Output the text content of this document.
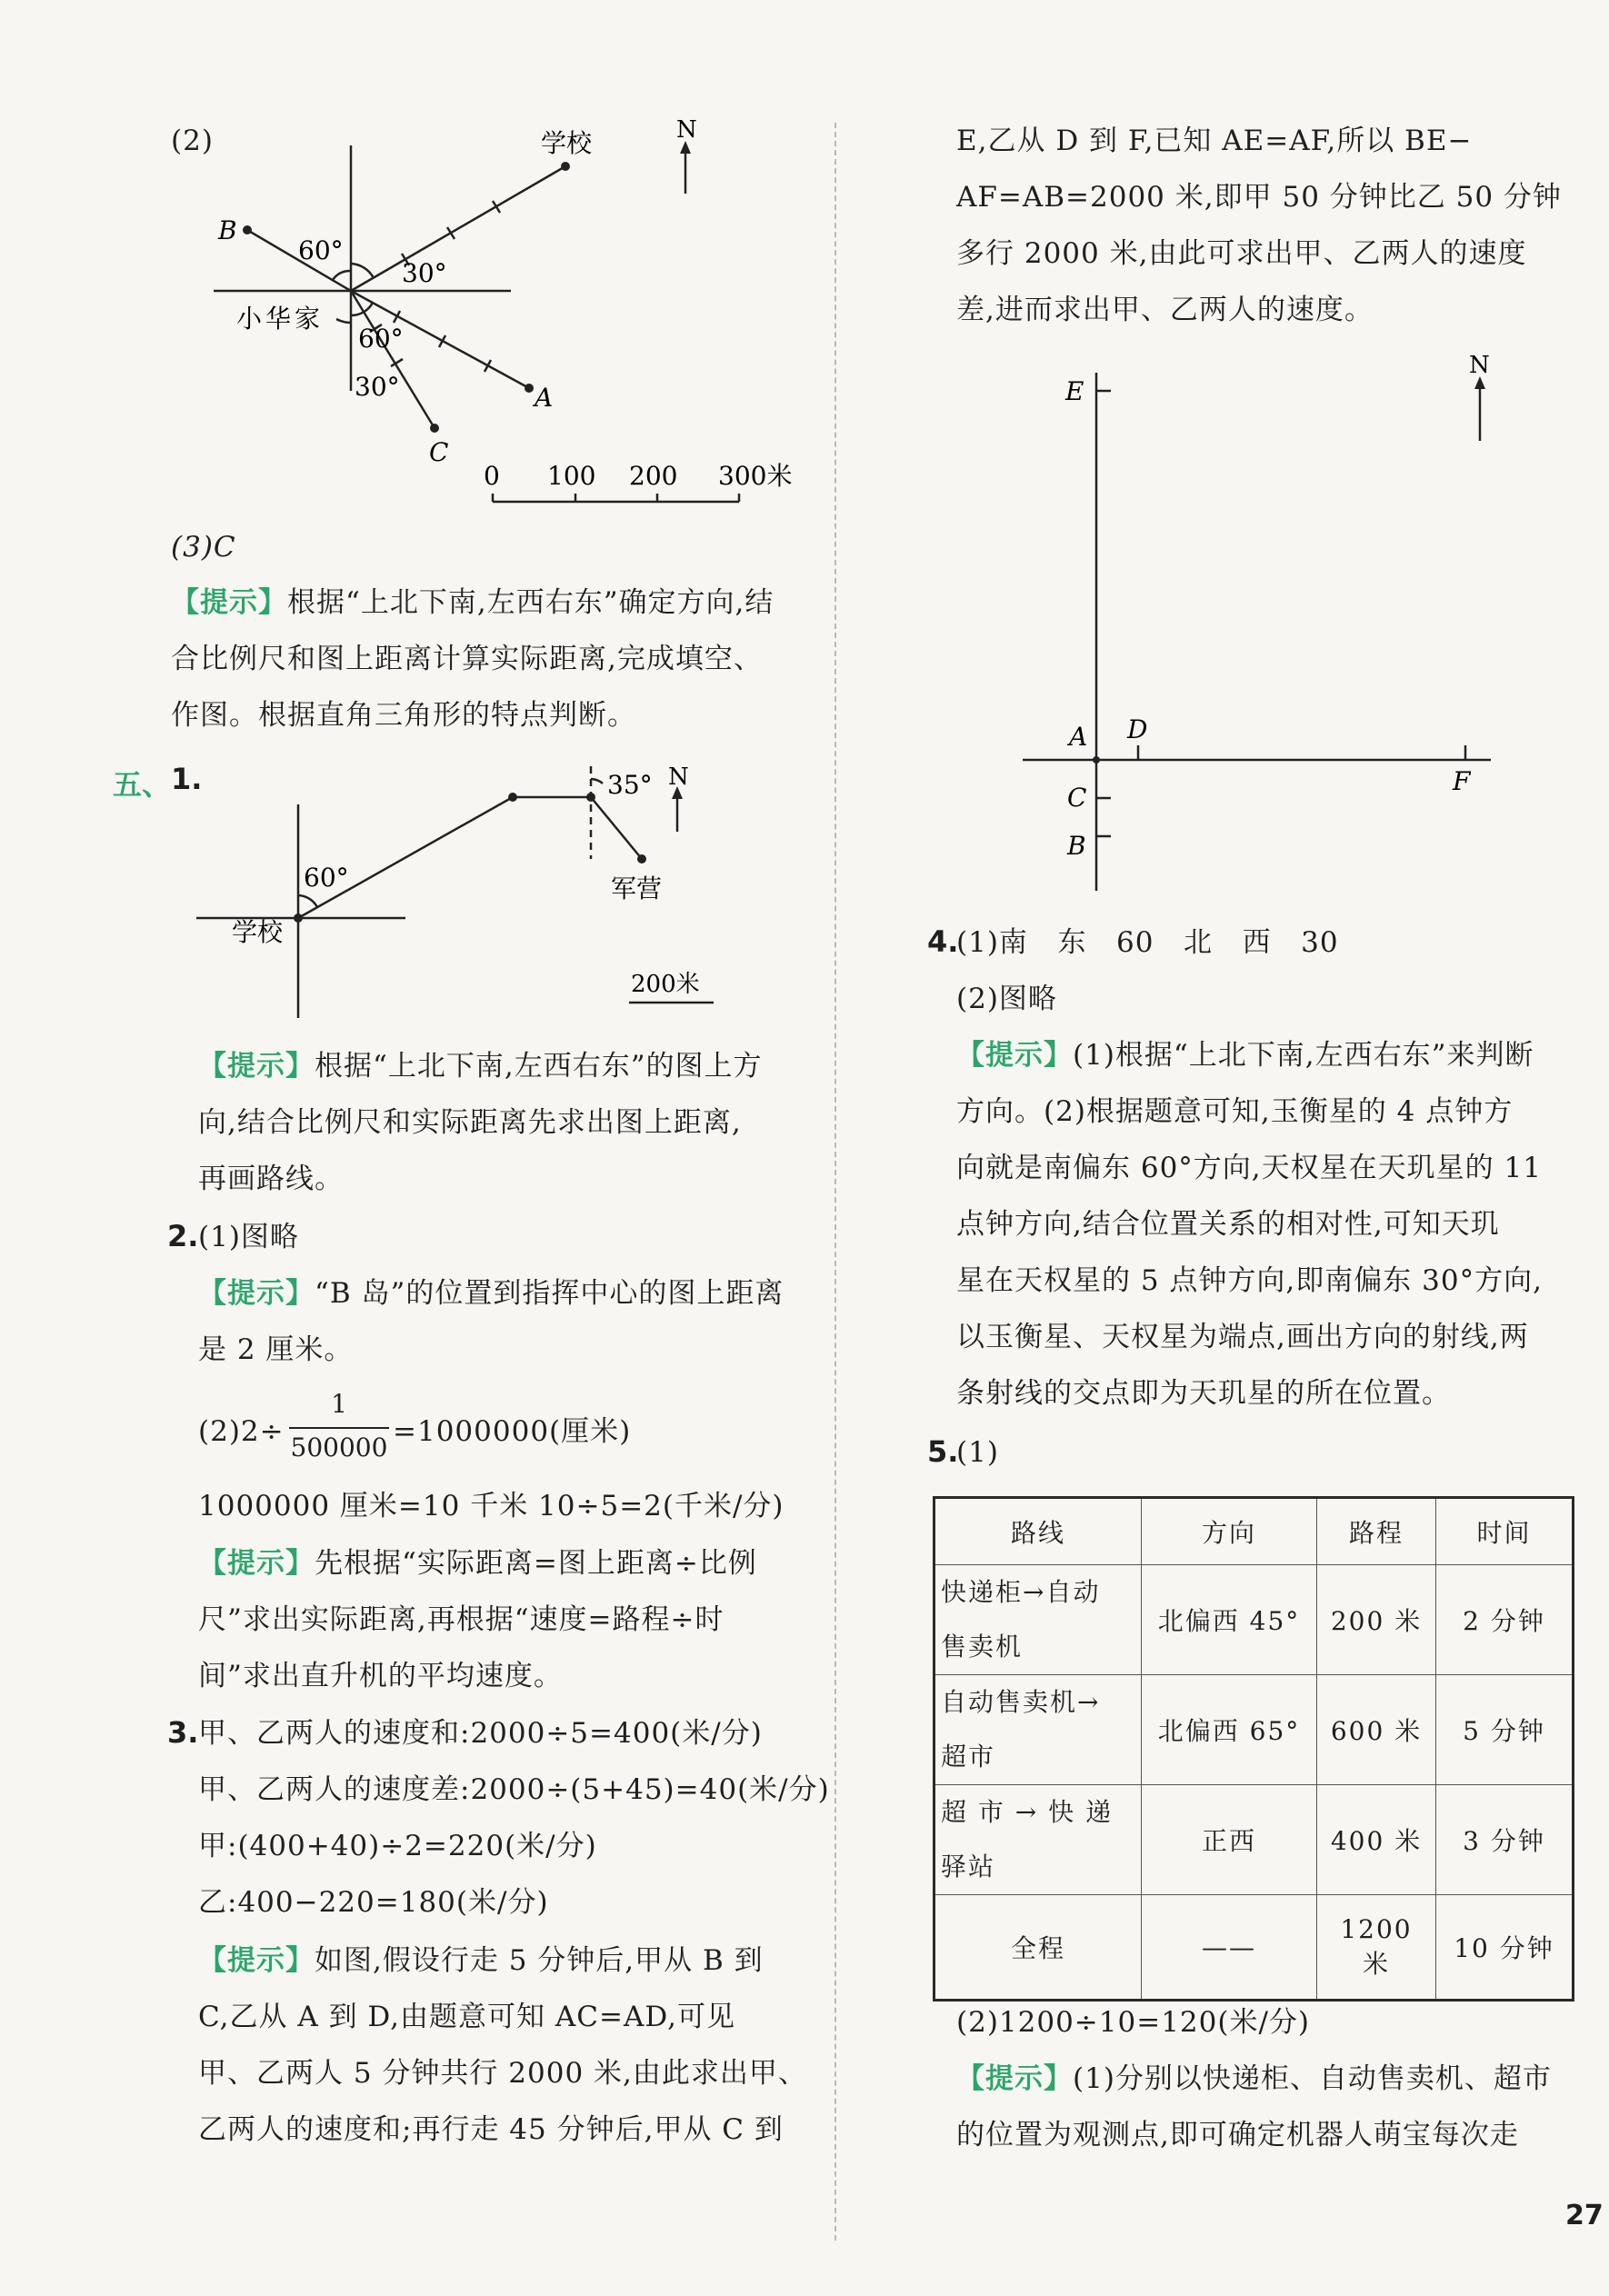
(2)	学校	N
B
60°
30°
小华家
60°
30°	A
C
0 100 200 300米
(3)C
【提示】根据“上北下南,左西右东”确定方向,结
合比例尺和图上距离计算实际距离,完成填空、
作图。根据直角三角形的特点判断。
五、 1.	35° N
60°	军营
学校
200米
【提示】根据“上北下南,左西右东”的图上方
向,结合比例尺和实际距离先求出图上距离,
再画路线。
2. (1)图略
【提示】“B 岛”的位置到指挥中心的图上距离
是 2 厘米。
(2)2÷
1
500000 =1000000(厘米)
1000000 厘米=10 千米 10÷5=2(千米/分)
【提示】先根据“实际距离=图上距离÷比例
尺”求出实际距离,再根据“速度=路程÷时
间”求出直升机的平均速度。
3. 甲、乙两人的速度和:2000÷5=400(米/分)
甲、乙两人的速度差:2000÷(5+45)=40(米/分)
甲:(400+40)÷2=220(米/分)
乙:400−220=180(米/分)
【提示】如图,假设行走 5 分钟后,甲从 B 到
C,乙从 A 到 D,由题意可知 AC=AD,可见
甲、乙两人 5 分钟共行 2000 米,由此求出甲、
乙两人的速度和;再行走 45 分钟后,甲从 C 到
E,乙从 D 到 F,已知 AE=AF,所以 BE−
AF=AB=2000 米,即甲 50 分钟比乙 50 分钟
多行 2000 米,由此可求出甲、乙两人的速度
差,进而求出甲、乙两人的速度。
E
N
A D
F
C
B
4.
(1)南   东   60   北   西   30
(2)图略
【提示】(1)根据“上北下南,左西右东”来判断
方向。(2)根据题意可知,玉衡星的 4 点钟方
向就是南偏东 60°方向,天权星在天玑星的 11
点钟方向,结合位置关系的相对性,可知天玑
星在天权星的 5 点钟方向,即南偏东 30°方向,
以玉衡星、天权星为端点,画出方向的射线,两
条射线的交点即为天玑星的所在位置。
5.
(1)
路线	方向	路程	时间
快递柜→自动
售卖机	北偏西 45°	200 米	2 分钟
自动售卖机→
超市	北偏西 65°	600 米	5 分钟
超 市 → 快 递
驿站	正西	400 米	3 分钟
全程	——	1200 米	10 分钟
(2)1200÷10=120(米/分)
【提示】(1)分别以快递柜、自动售卖机、超市
的位置为观测点,即可确定机器人萌宝每次走
27
